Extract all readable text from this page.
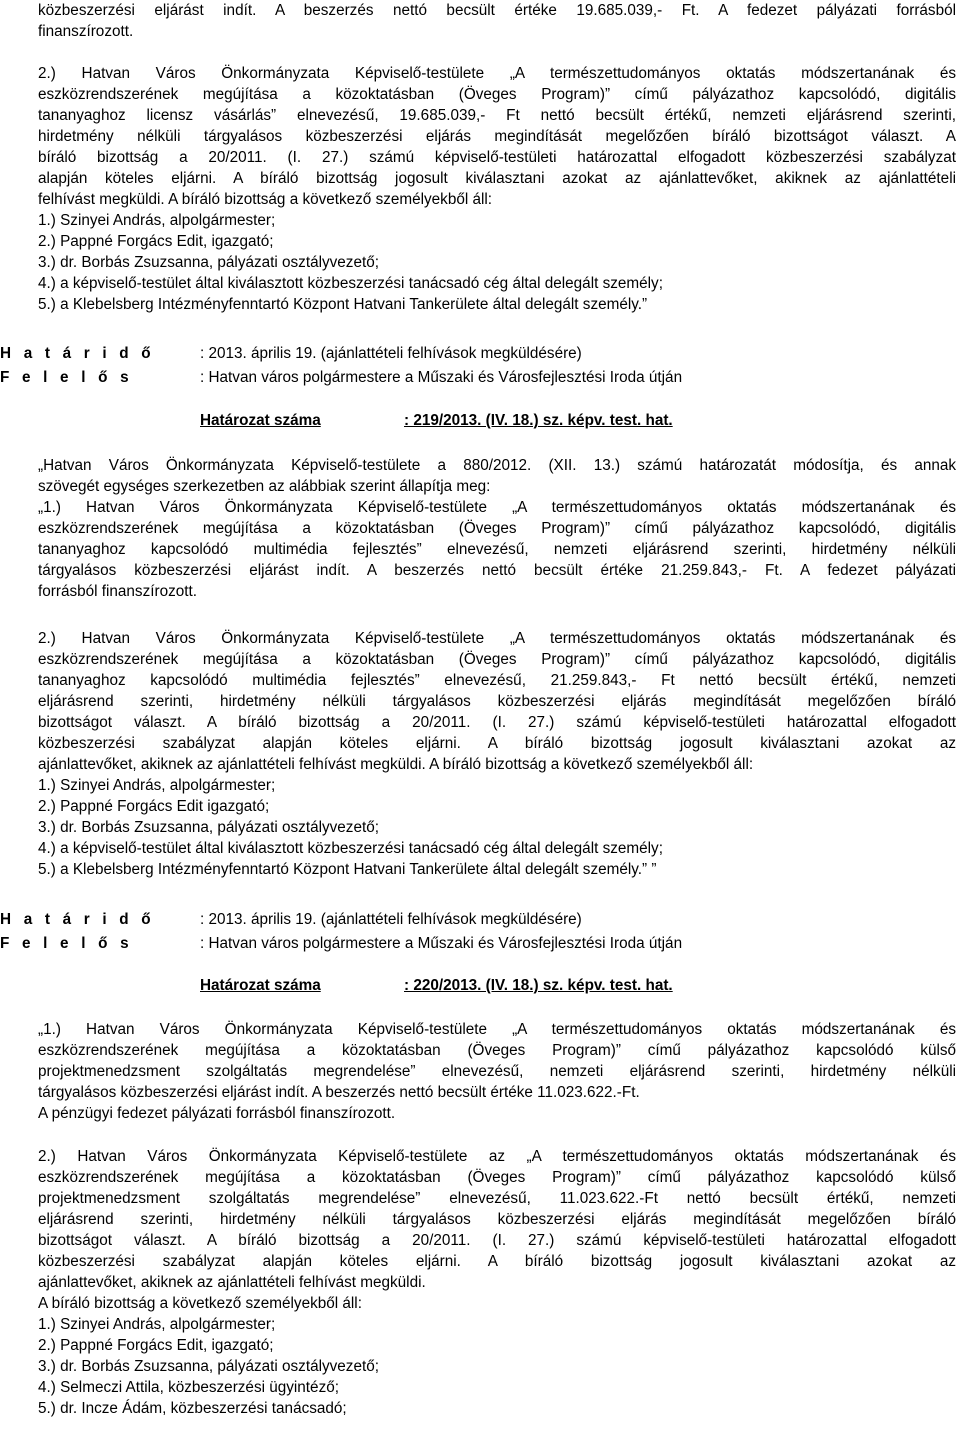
közbeszerzési eljárást indít. A beszerzés nettó becsült értéke 19.685.039,- Ft. A fedezet pályázati forrásból
finanszírozott.
2.) Hatvan Város Önkormányzata Képviselő-testülete „A természettudományos oktatás módszertanának és
eszközrendszerének megújítása a közoktatásban (Öveges Program)” című pályázathoz kapcsolódó, digitális
tananyaghoz licensz vásárlás” elnevezésű, 19.685.039,- Ft nettó becsült értékű, nemzeti eljárásrend szerinti,
hirdetmény nélküli tárgyalásos közbeszerzési eljárás megindítását megelőzően bíráló bizottságot választ. A
bíráló bizottság a 20/2011. (I. 27.) számú képviselő-testületi határozattal elfogadott közbeszerzési szabályzat
alapján köteles eljárni. A bíráló bizottság jogosult kiválasztani azokat az ajánlattevőket, akiknek az ajánlattételi
felhívást megküldi. A bíráló bizottság a következő személyekből áll:
1.) Szinyei András, alpolgármester;
2.) Pappné Forgács Edit, igazgató;
3.) dr. Borbás Zsuzsanna, pályázati osztályvezető;
4.) a képviselő-testület által kiválasztott közbeszerzési tanácsadó cég által delegált személy;
5.) a Klebelsberg Intézményfenntartó Központ Hatvani Tankerülete által delegált személy.”
H a t á r i d ő	: 2013. április 19. (ajánlattételi felhívások megküldésére)
F e l e l ő s	: Hatvan város polgármestere a Műszaki és Városfejlesztési Iroda útján
Határozat száma	: 219/2013. (IV. 18.) sz. képv. test. hat.
„Hatvan Város Önkormányzata Képviselő-testülete a 880/2012. (XII. 13.) számú határozatát módosítja, és annak
szövegét egységes szerkezetben az alábbiak szerint állapítja meg:
„1.) Hatvan Város Önkormányzata Képviselő-testülete „A természettudományos oktatás módszertanának és
eszközrendszerének megújítása a közoktatásban (Öveges Program)” című pályázathoz kapcsolódó, digitális
tananyaghoz kapcsolódó multimédia fejlesztés” elnevezésű, nemzeti eljárásrend szerinti, hirdetmény nélküli
tárgyalásos közbeszerzési eljárást indít. A beszerzés nettó becsült értéke 21.259.843,- Ft. A fedezet pályázati
forrásból finanszírozott.
2.) Hatvan Város Önkormányzata Képviselő-testülete „A természettudományos oktatás módszertanának és
eszközrendszerének megújítása a közoktatásban (Öveges Program)” című pályázathoz kapcsolódó, digitális
tananyaghoz kapcsolódó multimédia fejlesztés” elnevezésű, 21.259.843,- Ft nettó becsült értékű, nemzeti
eljárásrend szerinti, hirdetmény nélküli tárgyalásos közbeszerzési eljárás megindítását megelőzően bíráló
bizottságot választ. A bíráló bizottság a 20/2011. (I. 27.) számú képviselő-testületi határozattal elfogadott
közbeszerzési szabályzat alapján köteles eljárni. A bíráló bizottság jogosult kiválasztani azokat az
ajánlattevőket, akiknek az ajánlattételi felhívást megküldi. A bíráló bizottság a következő személyekből áll:
1.) Szinyei András, alpolgármester;
2.) Pappné Forgács Edit igazgató;
3.) dr. Borbás Zsuzsanna, pályázati osztályvezető;
4.) a képviselő-testület által kiválasztott közbeszerzési tanácsadó cég által delegált személy;
5.) a Klebelsberg Intézményfenntartó Központ Hatvani Tankerülete által delegált személy.” ”
H a t á r i d ő	: 2013. április 19. (ajánlattételi felhívások megküldésére)
F e l e l ő s	: Hatvan város polgármestere a Műszaki és Városfejlesztési Iroda útján
Határozat száma	: 220/2013. (IV. 18.) sz. képv. test. hat.
„1.) Hatvan Város Önkormányzata Képviselő-testülete „A természettudományos oktatás módszertanának és
eszközrendszerének megújítása a közoktatásban (Öveges Program)” című pályázathoz kapcsolódó külső
projektmenedzsment szolgáltatás megrendelése” elnevezésű, nemzeti eljárásrend szerinti, hirdetmény nélküli
tárgyalásos közbeszerzési eljárást indít. A beszerzés nettó becsült értéke 11.023.622.-Ft.
A pénzügyi fedezet pályázati forrásból finanszírozott.
2.) Hatvan Város Önkormányzata Képviselő-testülete az „A természettudományos oktatás módszertanának és
eszközrendszerének megújítása a közoktatásban (Öveges Program)” című pályázathoz kapcsolódó külső
projektmenedzsment szolgáltatás megrendelése” elnevezésű, 11.023.622.-Ft nettó becsült értékű, nemzeti
eljárásrend szerinti, hirdetmény nélküli tárgyalásos közbeszerzési eljárás megindítását megelőzően bíráló
bizottságot választ. A bíráló bizottság a 20/2011. (I. 27.) számú képviselő-testületi határozattal elfogadott
közbeszerzési szabályzat alapján köteles eljárni. A bíráló bizottság jogosult kiválasztani azokat az
ajánlattevőket, akiknek az ajánlattételi felhívást megküldi.
A bíráló bizottság a következő személyekből áll:
1.) Szinyei András, alpolgármester;
2.) Pappné Forgács Edit, igazgató;
3.) dr. Borbás Zsuzsanna, pályázati osztályvezető;
4.) Selmeczi Attila, közbeszerzési ügyintéző;
5.) dr. Incze Ádám, közbeszerzési tanácsadó;
